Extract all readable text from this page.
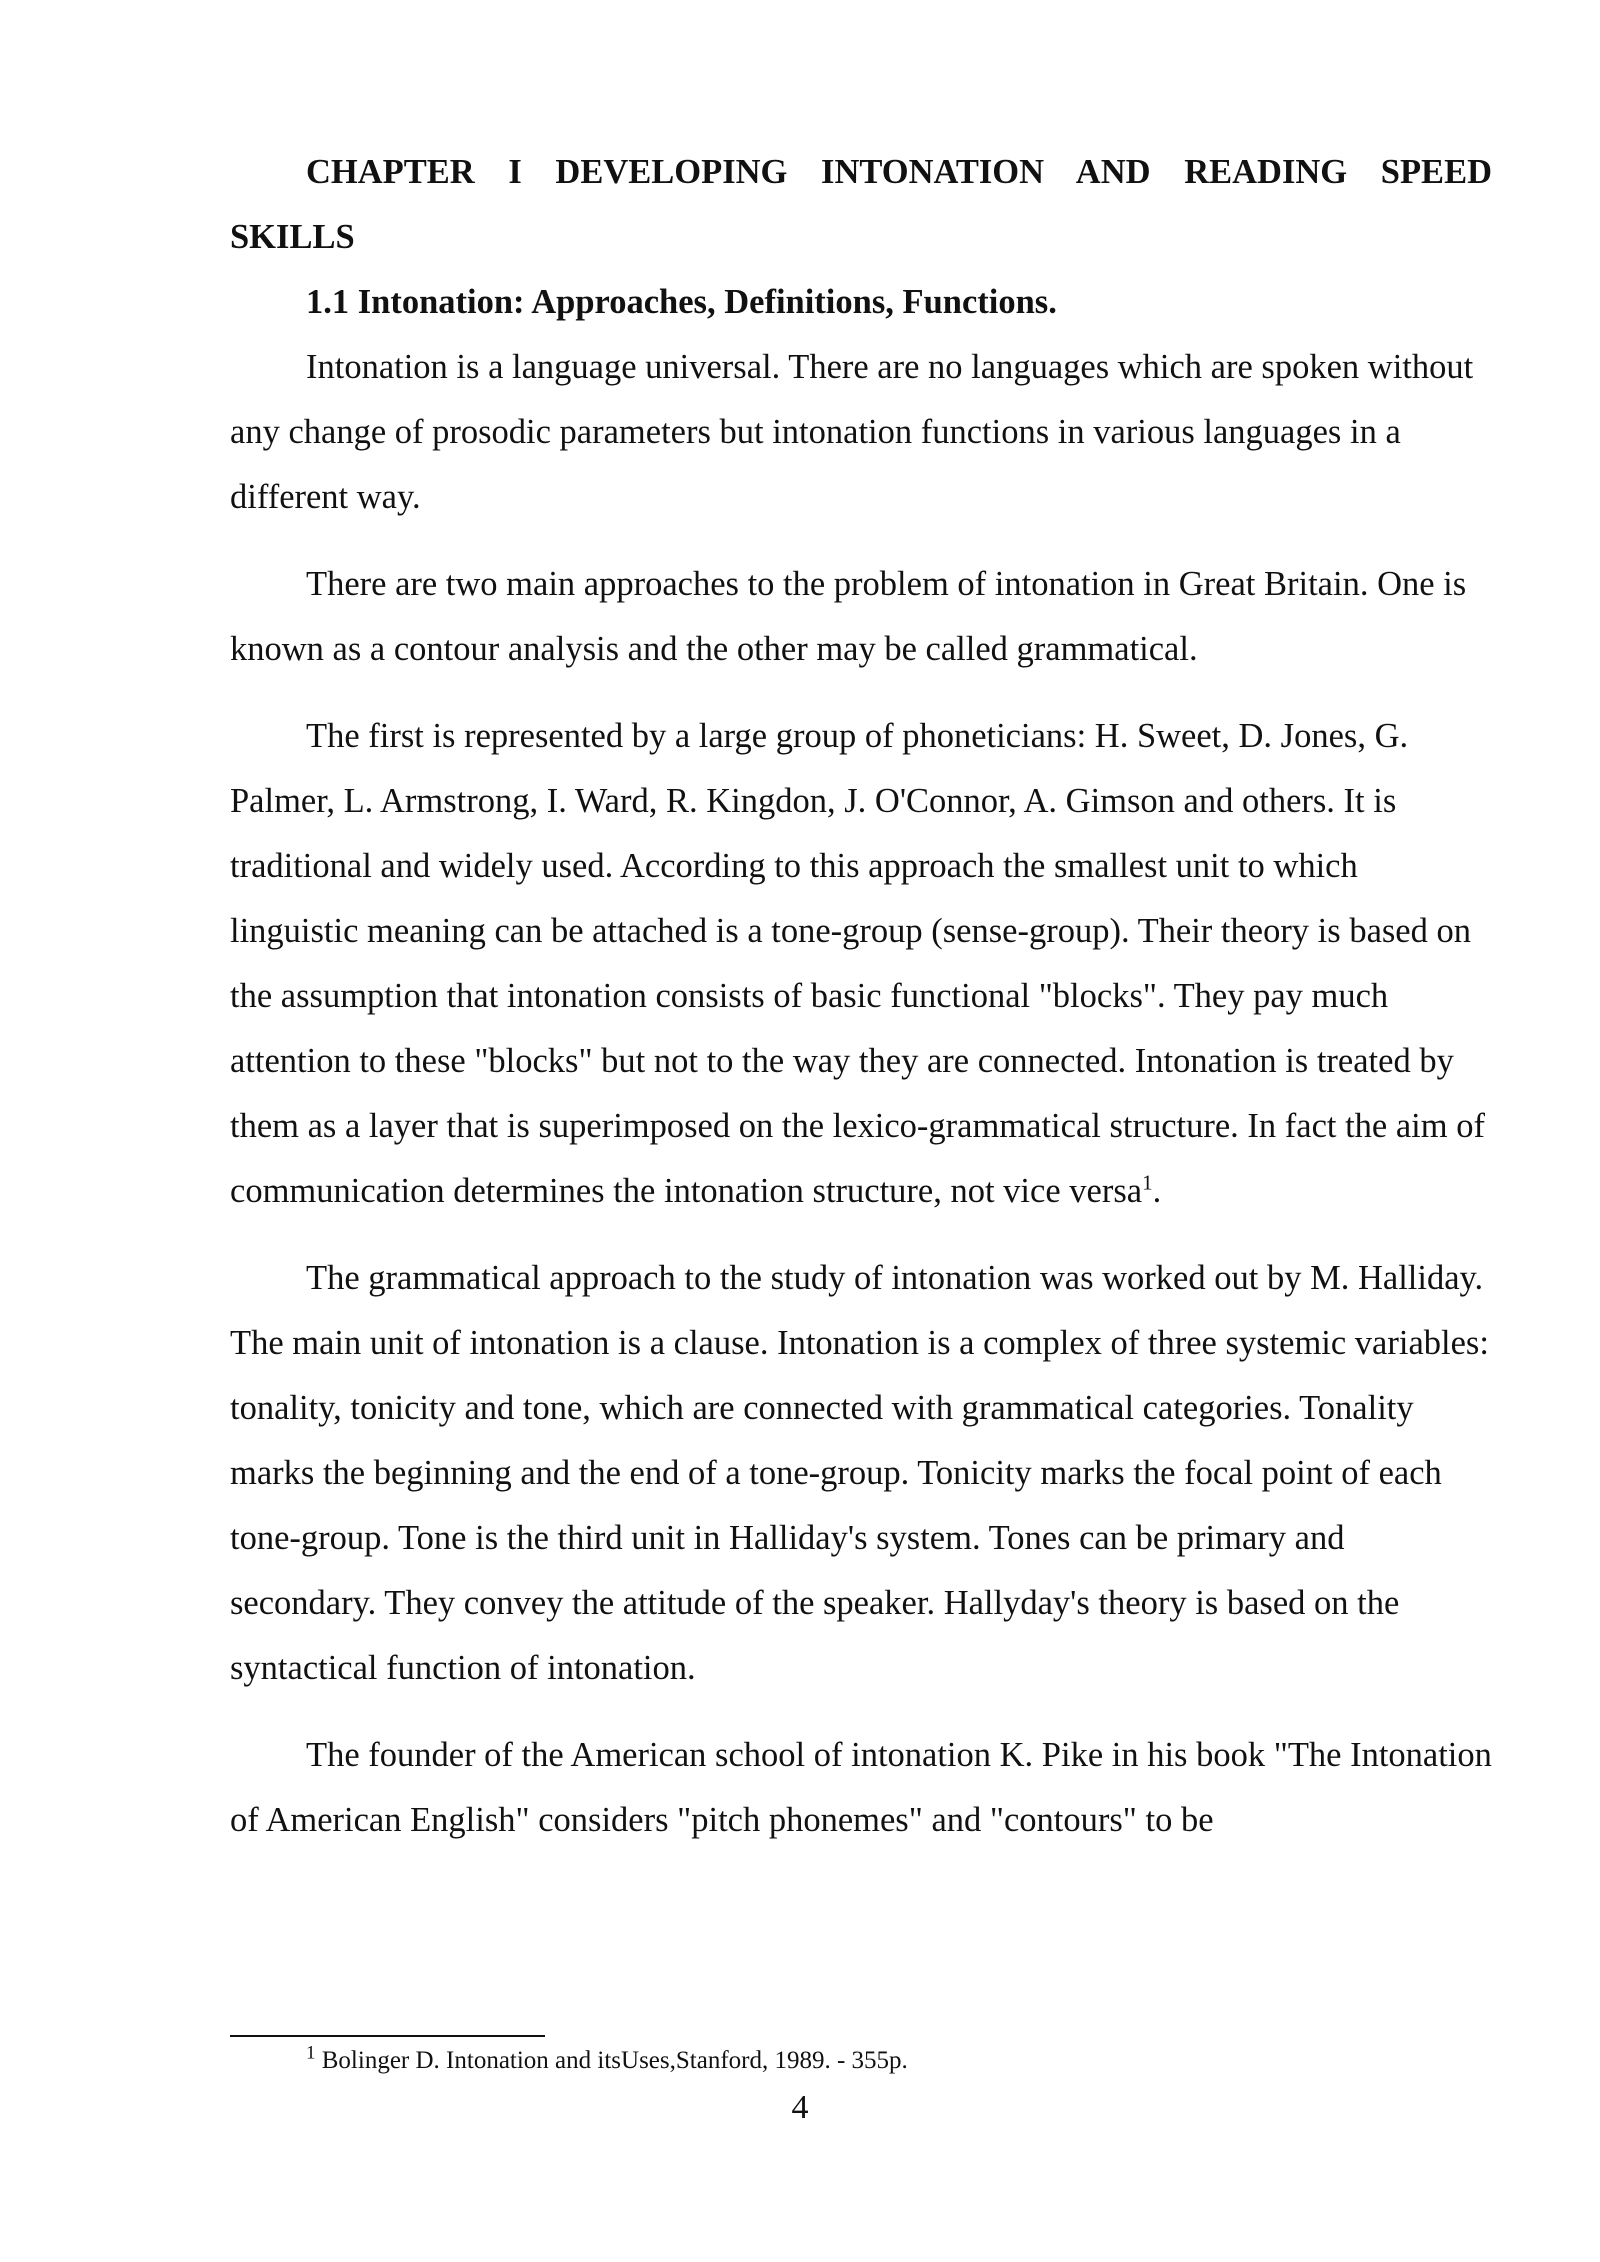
CHAPTER I DEVELOPING INTONATION AND READING SPEED SKILLS

1.1 Intonation: Approaches, Definitions, Functions.

Intonation is a language universal. There are no languages which are spoken without any change of prosodic parameters but intonation functions in various languages in a different way.

There are two main approaches to the problem of intonation in Great Britain. One is known as a contour analysis and the other may be called grammatical.

The first is represented by a large group of phoneticians: H. Sweet, D. Jones, G. Palmer, L. Armstrong, I. Ward, R. Kingdon, J. O'Connor, A. Gimson and others. It is traditional and widely used. According to this approach the smallest unit to which linguistic meaning can be attached is a tone-group (sense-group). Their theory is based on the assumption that intonation consists of basic functional "blocks". They pay much attention to these "blocks" but not to the way they are connected. Intonation is treated by them as a layer that is superimposed on the lexico-grammatical structure. In fact the aim of communication determines the intonation structure, not vice versa$^1$.

The grammatical approach to the study of intonation was worked out by M. Halliday. The main unit of intonation is a clause. Intonation is a complex of three systemic variables: tonality, tonicity and tone, which are connected with grammatical categories. Tonality marks the beginning and the end of a tone-group. Tonicity marks the focal point of each tone-group. Tone is the third unit in Halliday's system. Tones can be primary and secondary. They convey the attitude of the speaker. Hallyday's theory is based on the syntactical function of intonation.

The founder of the American school of intonation K. Pike in his book "The Intonation of American English" considers "pitch phonemes" and "contours" to be

$^1$ Bolinger D. Intonation and itsUses,Stanford, 1989. - 355p.
4
